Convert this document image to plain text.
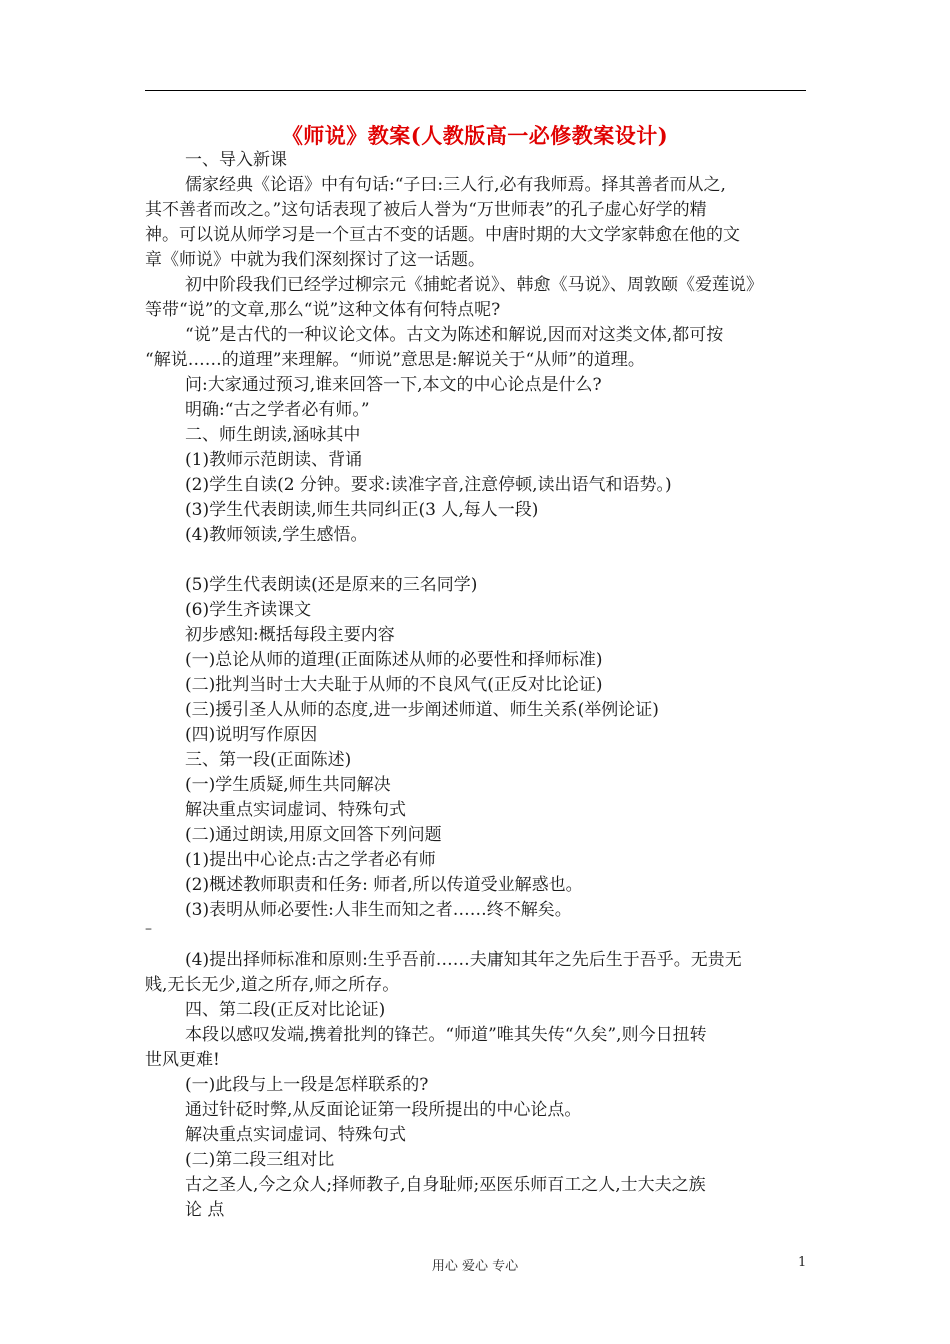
《师说》教案(人教版高一必修教案设计)
一、导入新课
儒家经典《论语》中有句话:“子曰:三人行,必有我师焉。择其善者而从之,
其不善者而改之。”这句话表现了被后人誉为“万世师表”的孔子虚心好学的精
神。可以说从师学习是一个亘古不变的话题。中唐时期的大文学家韩愈在他的文
章《师说》中就为我们深刻探讨了这一话题。
初中阶段我们已经学过柳宗元《捕蛇者说》、韩愈《马说》、周敦颐《爱莲说》
等带“说”的文章,那么“说”这种文体有何特点呢?
“说”是古代的一种议论文体。古文为陈述和解说,因而对这类文体,都可按
“解说……的道理”来理解。“师说”意思是:解说关于“从师”的道理。
问:大家通过预习,谁来回答一下,本文的中心论点是什么?
明确:“古之学者必有师。”
二、师生朗读,涵咏其中
(1)教师示范朗读、背诵
(2)学生自读(2 分钟。要求:读准字音,注意停顿,读出语气和语势。)
(3)学生代表朗读,师生共同纠正(3 人,每人一段)
(4)教师领读,学生感悟。
(5)学生代表朗读(还是原来的三名同学)
(6)学生齐读课文
初步感知:概括每段主要内容
(一)总论从师的道理(正面陈述从师的必要性和择师标准)
(二)批判当时士大夫耻于从师的不良风气(正反对比论证)
(三)援引圣人从师的态度,进一步阐述师道、师生关系(举例论证)
(四)说明写作原因
三、第一段(正面陈述)
(一)学生质疑,师生共同解决
解决重点实词虚词、特殊句式
(二)通过朗读,用原文回答下列问题
(1)提出中心论点:古之学者必有师
(2)概述教师职责和任务: 师者,所以传道受业解惑也。
(3)表明从师必要性:人非生而知之者……终不解矣。
(4)提出择师标准和原则:生乎吾前……夫庸知其年之先后生于吾乎。无贵无
贱,无长无少,道之所存,师之所存。
四、第二段(正反对比论证)
本段以感叹发端,携着批判的锋芒。“师道”唯其失传“久矣”,则今日扭转
世风更难!
(一)此段与上一段是怎样联系的?
通过针砭时弊,从反面论证第一段所提出的中心论点。
解决重点实词虚词、特殊句式
(二)第二段三组对比
古之圣人,今之众人;择师教子,自身耻师;巫医乐师百工之人,士大夫之族
论 点
–
用心 爱心 专心	1
